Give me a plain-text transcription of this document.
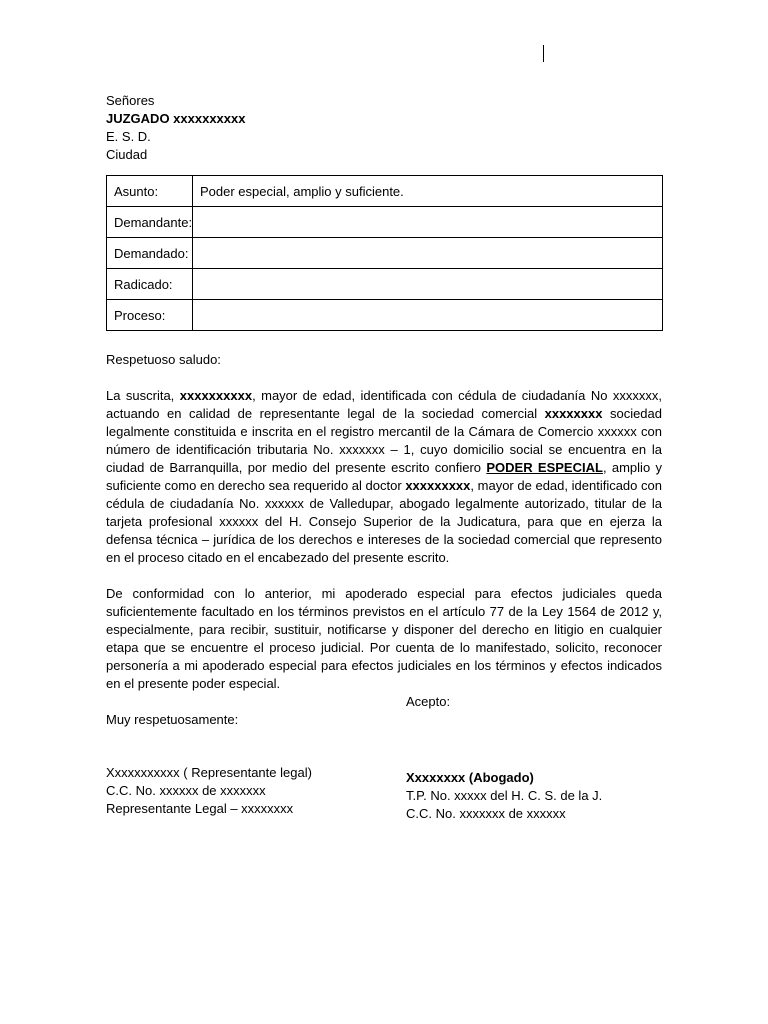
Señores
JUZGADO xxxxxxxxxx
E. S. D.
Ciudad
Asunto:	Poder especial, amplio y suficiente.
Demandante:	
Demandado:	
Radicado:	
Proceso:	
Respetuoso saludo:
La suscrita, xxxxxxxxxx, mayor de edad, identificada con cédula de ciudadanía No xxxxxxx, actuando en calidad de representante legal de la sociedad comercial xxxxxxxx sociedad legalmente constituida e inscrita en el registro mercantil de la Cámara de Comercio xxxxxx con número de identificación tributaria No. xxxxxxx – 1, cuyo domicilio social se encuentra en la ciudad de Barranquilla, por medio del presente escrito confiero PODER ESPECIAL, amplio y suficiente como en derecho sea requerido al doctor xxxxxxxxx, mayor de edad, identificado con cédula de ciudadanía No. xxxxxx de Valledupar, abogado legalmente autorizado, titular de la tarjeta profesional xxxxxx del H. Consejo Superior de la Judicatura, para que en ejerza la defensa técnica – jurídica de los derechos e intereses de la sociedad comercial que represento en el proceso citado en el encabezado del presente escrito.
De conformidad con lo anterior, mi apoderado especial para efectos judiciales queda suficientemente facultado en los términos previstos en el artículo 77 de la Ley 1564 de 2012 y, especialmente, para recibir, sustituir, notificarse y disponer del derecho en litigio en cualquier etapa que se encuentre el proceso judicial. Por cuenta de lo manifestado, solicito, reconocer personería a mi apoderado especial para efectos judiciales en los términos y efectos indicados en el presente poder especial.
Acepto:
Muy respetuosamente:
Xxxxxxxxxxx ( Representante legal)
C.C. No. xxxxxx de xxxxxxx
Representante Legal – xxxxxxxx
Xxxxxxxx (Abogado)
T.P. No. xxxxx del H. C. S. de la J.
C.C. No. xxxxxxx de xxxxxx
